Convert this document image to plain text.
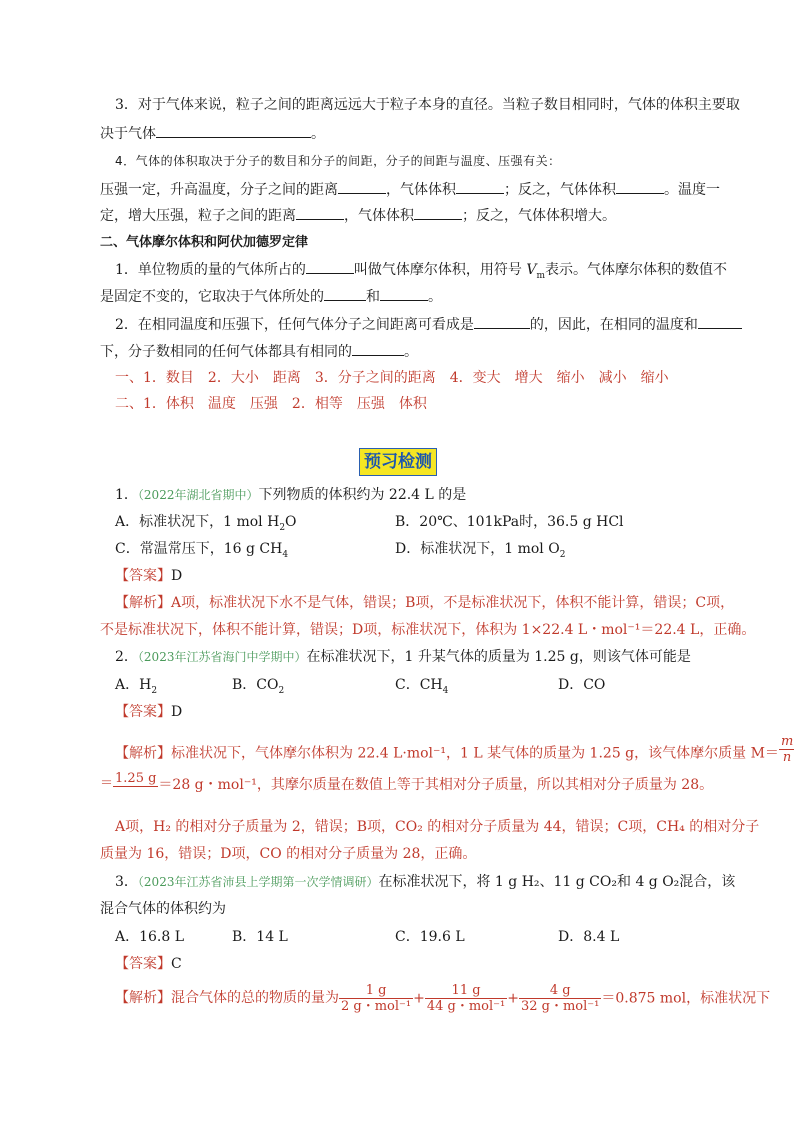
3．对于气体来说，粒子之间的距离远远大于粒子本身的直径。当粒子数目相同时，气体的体积主要取
决于气体	。
4．气体的体积取决于分子的数目和分子的间距，分子的间距与温度、压强有关：
压强一定，升高温度，分子之间的距离	，气体体积	；反之，气体体积	。温度一
定，增大压强，粒子之间的距离	，气体体积	；反之，气体体积增大。
二、气体摩尔体积和阿伏加德罗定律
1．单位物质的量的气体所占的	叫做气体摩尔体积，用符号 $V_m$表示。气体摩尔体积的数值不
是固定不变的，它取决于气体所处的	和	。
2．在相同温度和压强下，任何气体分子之间距离可看成是	的，因此，在相同的温度和
下，分子数相同的任何气体都具有相同的	。
一、1．数目　2．大小　距离　3．分子之间的距离　4．变大　增大　缩小　减小　缩小
二、1．体积　温度　压强　2．相等　压强　体积
预习检测
1．（2022年湖北省期中）下列物质的体积约为 22.4 L 的是
A．标准状况下，1 mol $H_2O$	B．20℃、101kPa时，36.5 g HCl
C．常温常压下，16 g $CH_4$	D．标准状况下，1 mol $O_2$
【答案】D
【解析】A项，标准状况下水不是气体，错误；B项，不是标准状况下，体积不能计算，错误；C项，
不是标准状况下，体积不能计算，错误；D项，标准状况下，体积为 1×22.4 L・mol⁻¹＝22.4 L，正确。
2．（2023年江苏省海门中学期中）在标准状况下，1 升某气体的质量为 1.25 g，则该气体可能是
A．$H_2$	B．$CO_2$	C．$CH_4$	D．CO
【答案】D
【解析】标准状况下，气体摩尔体积为 22.4 L·mol⁻¹，1 L 某气体的质量为 1.25 g，该气体摩尔质量 $M= \frac{m}{n}$
＝ 1.25 g ＝28 g・mol⁻¹，其摩尔质量在数值上等于其相对分子质量，所以其相对分子质量为 28。
A项，H₂ 的相对分子质量为 2，错误；B项，CO₂ 的相对分子质量为 44，错误；C项，CH₄ 的相对分子
质量为 16，错误；D项，CO 的相对分子质量为 28，正确。
3．（2023年江苏省沛县上学期第一次学情调研）在标准状况下，将 1 g H₂、11 g CO₂和 4 g O₂混合，该
混合气体的体积约为
A．16.8 L	B．14 L	C．19.6 L	D．8.4 L
【答案】C
【解析】混合气体的总的物质的量为 $\frac{1 g}{\text{2 g・mol⁻¹}} + \frac{11 g}{\text{44 g・mol⁻¹}} + \frac{4 g}{\text{32 g・mol⁻¹}} =0.875$ mol，标准状况下
